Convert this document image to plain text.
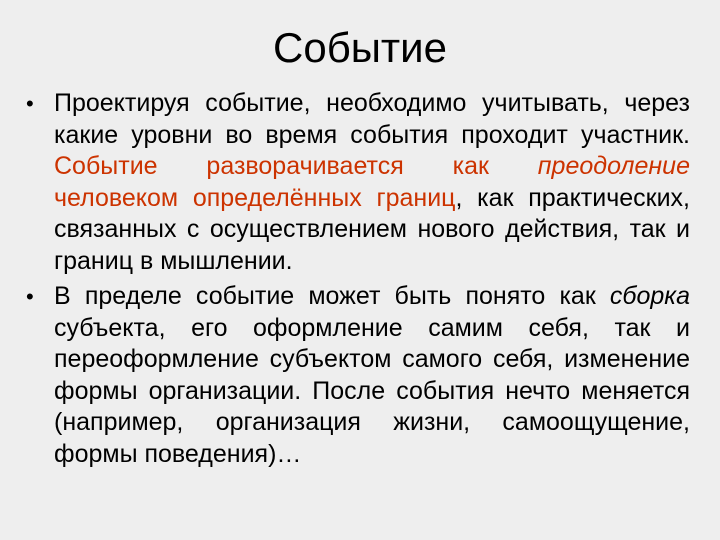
Событие
• Проектируя событие, необходимо учитывать, через какие уровни во время события проходит участник. Событие разворачивается как преодоление человеком определённых границ, как практических, связанных с осуществлением нового действия, так и границ в мышлении.
• В пределе событие может быть понято как сборка субъекта, его оформление самим себя, так и переоформление субъектом самого себя, изменение формы организации. После события нечто меняется (например, организация жизни, самоощущение, формы поведения)…
